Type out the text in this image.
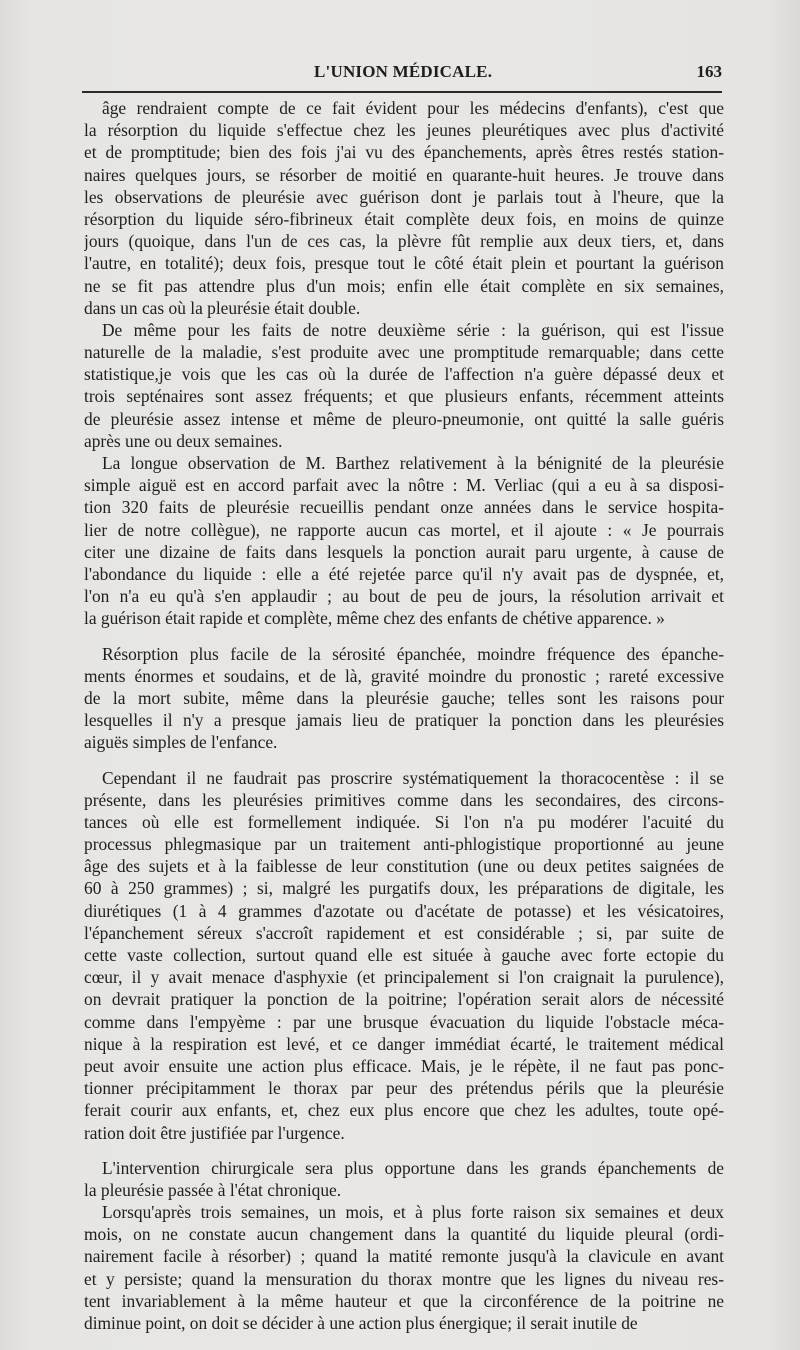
L'UNION MÉDICALE.	163
âge rendraient compte de ce fait évident pour les médecins d'enfants), c'est que
la résorption du liquide s'effectue chez les jeunes pleurétiques avec plus d'activité
et de promptitude; bien des fois j'ai vu des épanchements, après êtres restés station-
naires quelques jours, se résorber de moitié en quarante-huit heures. Je trouve dans
les observations de pleurésie avec guérison dont je parlais tout à l'heure, que la
résorption du liquide séro-fibrineux était complète deux fois, en moins de quinze
jours (quoique, dans l'un de ces cas, la plèvre fût remplie aux deux tiers, et, dans
l'autre, en totalité); deux fois, presque tout le côté était plein et pourtant la guérison
ne se fit pas attendre plus d'un mois; enfin elle était complète en six semaines,
dans un cas où la pleurésie était double.
De même pour les faits de notre deuxième série : la guérison, qui est l'issue
naturelle de la maladie, s'est produite avec une promptitude remarquable; dans cette
statistique,je vois que les cas où la durée de l'affection n'a guère dépassé deux et
trois septénaires sont assez fréquents; et que plusieurs enfants, récemment atteints
de pleurésie assez intense et même de pleuro-pneumonie, ont quitté la salle guéris
après une ou deux semaines.
La longue observation de M. Barthez relativement à la bénignité de la pleurésie
simple aiguë est en accord parfait avec la nôtre : M. Verliac (qui a eu à sa disposi-
tion 320 faits de pleurésie recueillis pendant onze années dans le service hospita-
lier de notre collègue), ne rapporte aucun cas mortel, et il ajoute : « Je pourrais
citer une dizaine de faits dans lesquels la ponction aurait paru urgente, à cause de
l'abondance du liquide : elle a été rejetée parce qu'il n'y avait pas de dyspnée, et,
l'on n'a eu qu'à s'en applaudir ; au bout de peu de jours, la résolution arrivait et
la guérison était rapide et complète, même chez des enfants de chétive apparence. »
Résorption plus facile de la sérosité épanchée, moindre fréquence des épanche-
ments énormes et soudains, et de là, gravité moindre du pronostic ; rareté excessive
de la mort subite, même dans la pleurésie gauche; telles sont les raisons pour
lesquelles il n'y a presque jamais lieu de pratiquer la ponction dans les pleurésies
aiguës simples de l'enfance.
Cependant il ne faudrait pas proscrire systématiquement la thoracocentèse : il se
présente, dans les pleurésies primitives comme dans les secondaires, des circons-
tances où elle est formellement indiquée. Si l'on n'a pu modérer l'acuité du
processus phlegmasique par un traitement anti-phlogistique proportionné au jeune
âge des sujets et à la faiblesse de leur constitution (une ou deux petites saignées de
60 à 250 grammes) ; si, malgré les purgatifs doux, les préparations de digitale, les
diurétiques (1 à 4 grammes d'azotate ou d'acétate de potasse) et les vésicatoires,
l'épanchement séreux s'accroît rapidement et est considérable ; si, par suite de
cette vaste collection, surtout quand elle est située à gauche avec forte ectopie du
cœur, il y avait menace d'asphyxie (et principalement si l'on craignait la purulence),
on devrait pratiquer la ponction de la poitrine; l'opération serait alors de nécessité
comme dans l'empyème : par une brusque évacuation du liquide l'obstacle méca-
nique à la respiration est levé, et ce danger immédiat écarté, le traitement médical
peut avoir ensuite une action plus efficace. Mais, je le répète, il ne faut pas ponc-
tionner précipitamment le thorax par peur des prétendus périls que la pleurésie
ferait courir aux enfants, et, chez eux plus encore que chez les adultes, toute opé-
ration doit être justifiée par l'urgence.
L'intervention chirurgicale sera plus opportune dans les grands épanchements de
la pleurésie passée à l'état chronique.
Lorsqu'après trois semaines, un mois, et à plus forte raison six semaines et deux
mois, on ne constate aucun changement dans la quantité du liquide pleural (ordi-
nairement facile à résorber) ; quand la matité remonte jusqu'à la clavicule en avant
et y persiste; quand la mensuration du thorax montre que les lignes du niveau res-
tent invariablement à la même hauteur et que la circonférence de la poitrine ne
diminue point, on doit se décider à une action plus énergique; il serait inutile de
